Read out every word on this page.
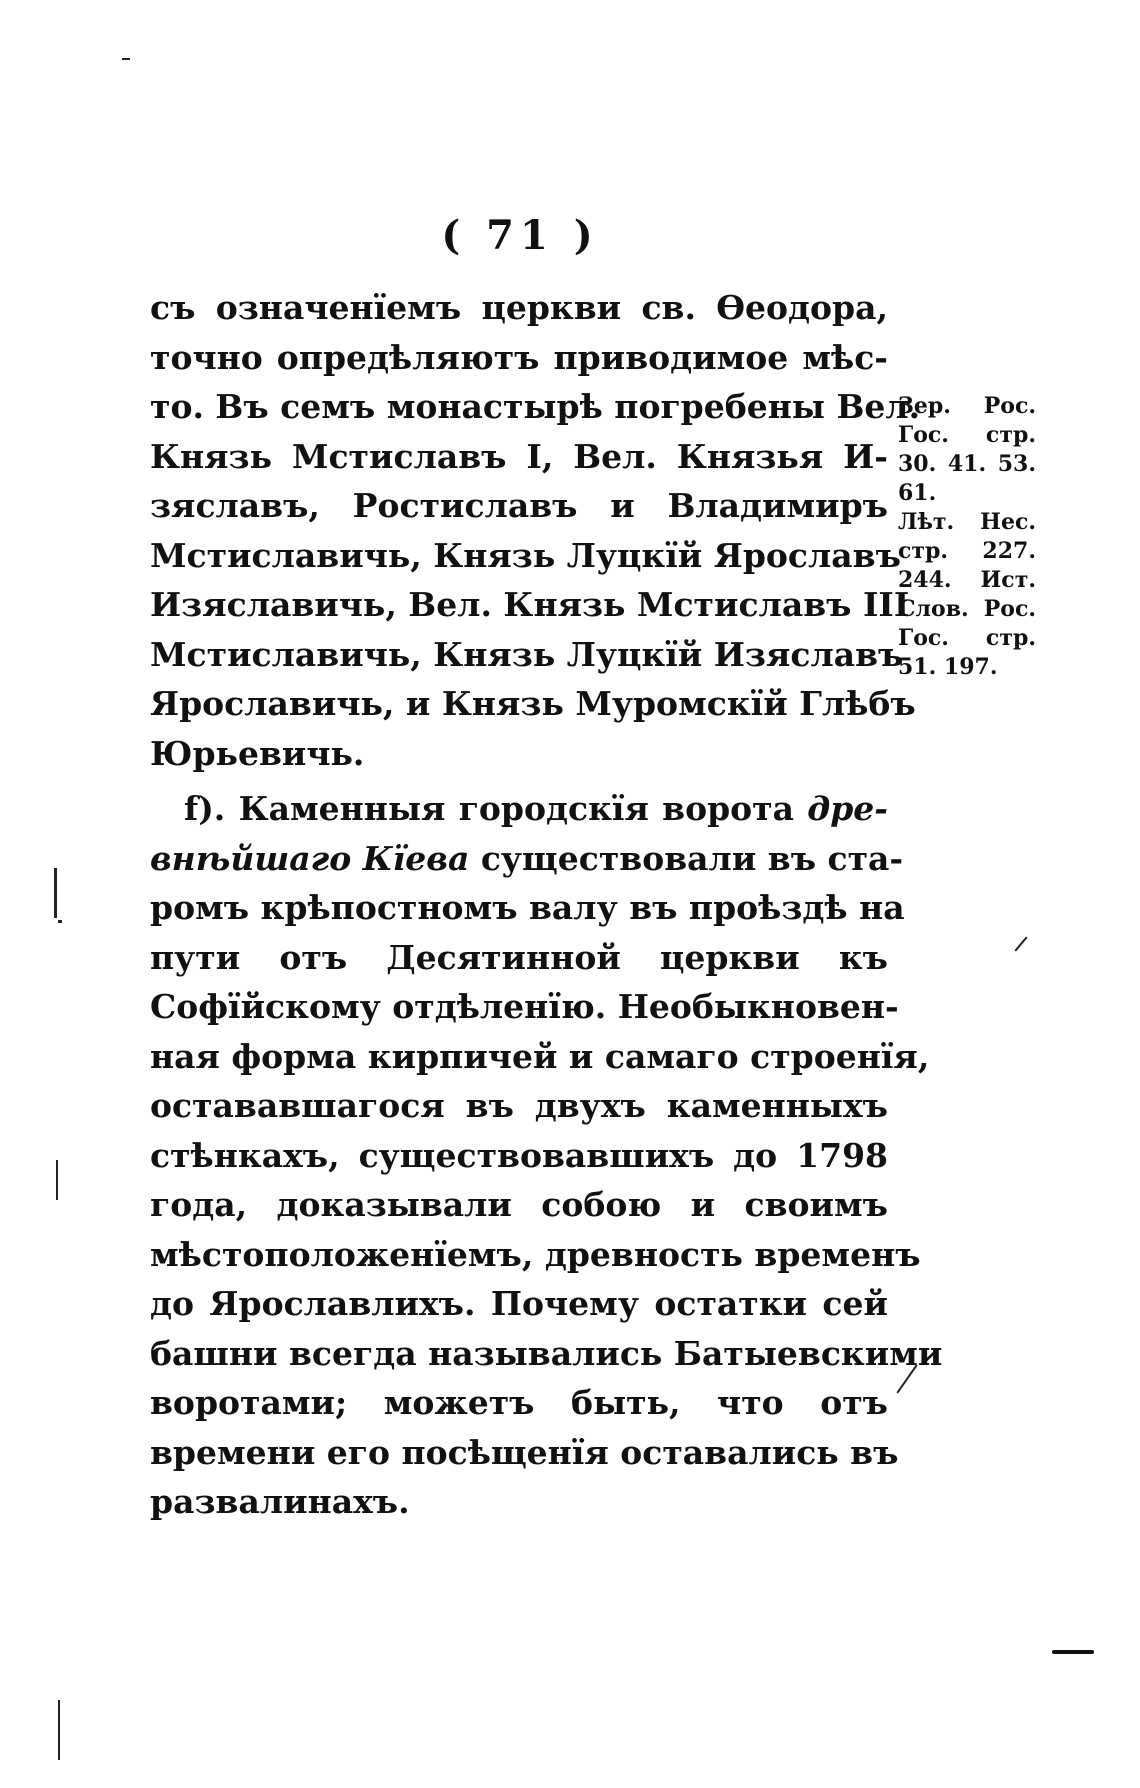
( 71 )
съ означенїемъ церкви св. Ѳеодора,
точно опредѣляютъ приводимое мѣс-
то. Въ семъ монастырѣ погребены Вел.
Князь Мстиславъ I, Вел. Князья И-
зяславъ, Ростиславъ и Владимиръ
Мстиславичь, Князь Луцкїй Ярославъ
Изяславичь, Вел. Князь Мстиславъ III
Мстиславичь, Князь Луцкїй Изяславъ
Ярославичь, и Князь Муромскїй Глѣбъ
Юрьевичь.
f). Каменныя городскїя ворота дре-
внѣйшаго Кїева существовали въ ста-
ромъ крѣпостномъ валу въ проѣздѣ на
пути отъ Десятинной церкви къ
Софїйскому отдѣленїю. Необыкновен-
ная форма кирпичей и самаго строенїя,
остававшагося въ двухъ каменныхъ
стѣнкахъ, существовавшихъ до 1798
года, доказывали собою и своимъ
мѣстоположенїемъ, древность временъ
до Ярославлихъ. Почему остатки сей
башни всегда назывались Батыевскими
воротами; можетъ быть, что отъ
времени его посѣщенїя оставались въ
развалинахъ.
Зер. Рос.
Гос. стр.
30. 41. 53.
61.
Лѣт. Нес.
стр. 227.
244. Ист.
Слов. Рос.
Гос. стр.
51. 197.
